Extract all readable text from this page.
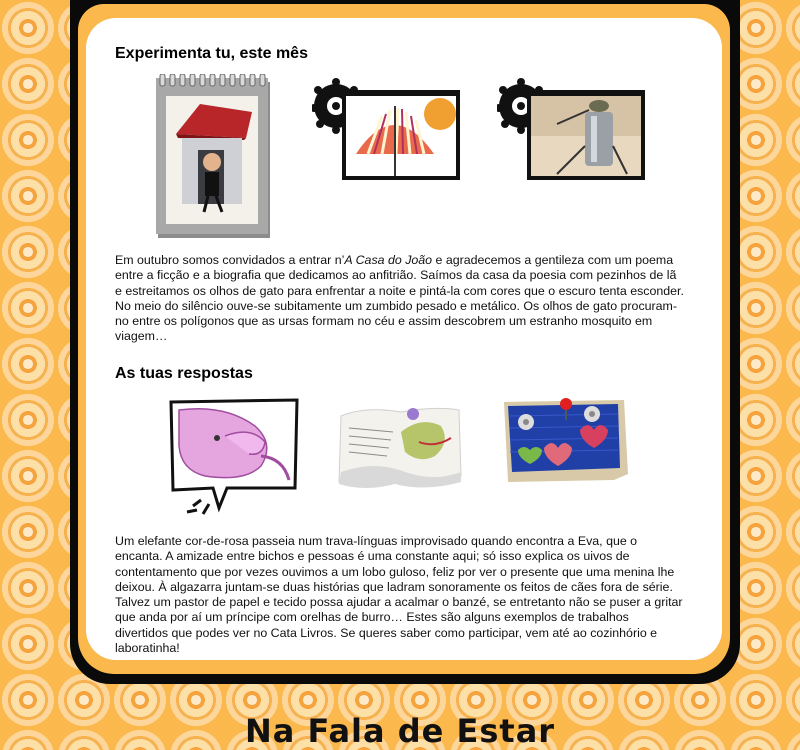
Experimenta tu, este mês

Em outubro somos convidados a entrar n’A Casa do João e agradecemos a gentileza com um poema entre a ficção e a biografia que dedicamos ao anfitrião. Saímos da casa da poesia com pezinhos de lã e estreitamos os olhos de gato para enfrentar a noite e pintá-la com cores que o escuro tenta esconder. No meio do silêncio ouve-se subitamente um zumbido pesado e metálico. Os olhos de gato procuram-no entre os polígonos que as ursas formam no céu e assim descobrem um estranho mosquito em viagem…

As tuas respostas

Um elefante cor-de-rosa passeia num trava-línguas improvisado quando encontra a Eva, que o encanta. A amizade entre bichos e pessoas é uma constante aqui; só isso explica os uivos de contentamento que por vezes ouvimos a um lobo guloso, feliz por ver o presente que uma menina lhe deixou. À algazarra juntam-se duas histórias que ladram sonoramente os feitos de cães fora de série. Talvez um pastor de papel e tecido possa ajudar a acalmar o banzé, se entretanto não se puser a gritar que anda por aí um príncipe com orelhas de burro… Estes são alguns exemplos de trabalhos divertidos que podes ver no Cata Livros. Se queres saber como participar, vem até ao cozinhório e laboratinha!

Na Fala de Estar
